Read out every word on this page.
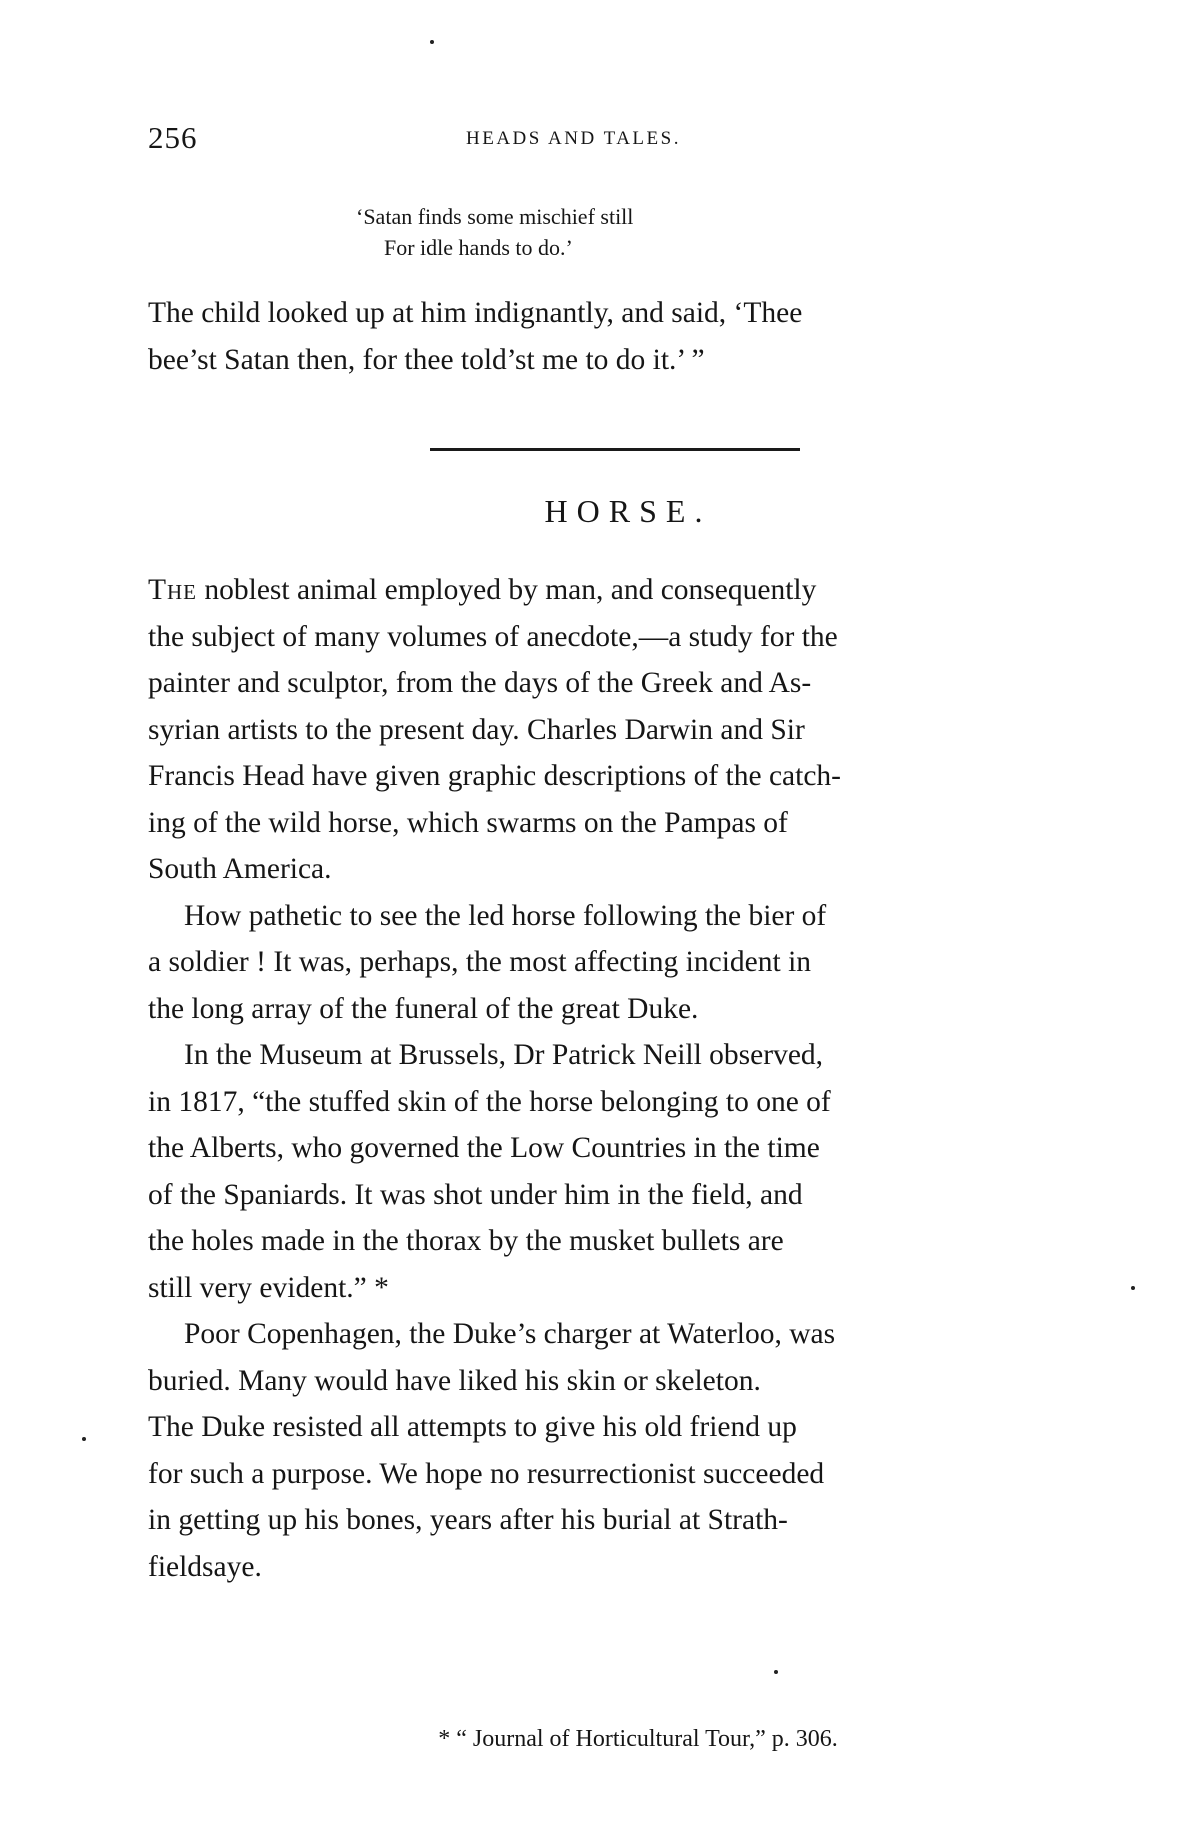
256	HEADS AND TALES.
‘Satan finds some mischief still
For idle hands to do.’
The child looked up at him indignantly, and said, ‘Thee
bee’st Satan then, for thee told’st me to do it.’ ”
HORSE.
The noblest animal employed by man, and consequently
the subject of many volumes of anecdote,—a study for the
painter and sculptor, from the days of the Greek and As-
syrian artists to the present day. Charles Darwin and Sir
Francis Head have given graphic descriptions of the catch-
ing of the wild horse, which swarms on the Pampas of
South America.
How pathetic to see the led horse following the bier of
a soldier ! It was, perhaps, the most affecting incident in
the long array of the funeral of the great Duke.
In the Museum at Brussels, Dr Patrick Neill observed,
in 1817, “the stuffed skin of the horse belonging to one of
the Alberts, who governed the Low Countries in the time
of the Spaniards. It was shot under him in the field, and
the holes made in the thorax by the musket bullets are
still very evident.” *
Poor Copenhagen, the Duke’s charger at Waterloo, was
buried. Many would have liked his skin or skeleton.
The Duke resisted all attempts to give his old friend up
for such a purpose. We hope no resurrectionist succeeded
in getting up his bones, years after his burial at Strath-
fieldsaye.
* “ Journal of Horticultural Tour,” p. 306.
